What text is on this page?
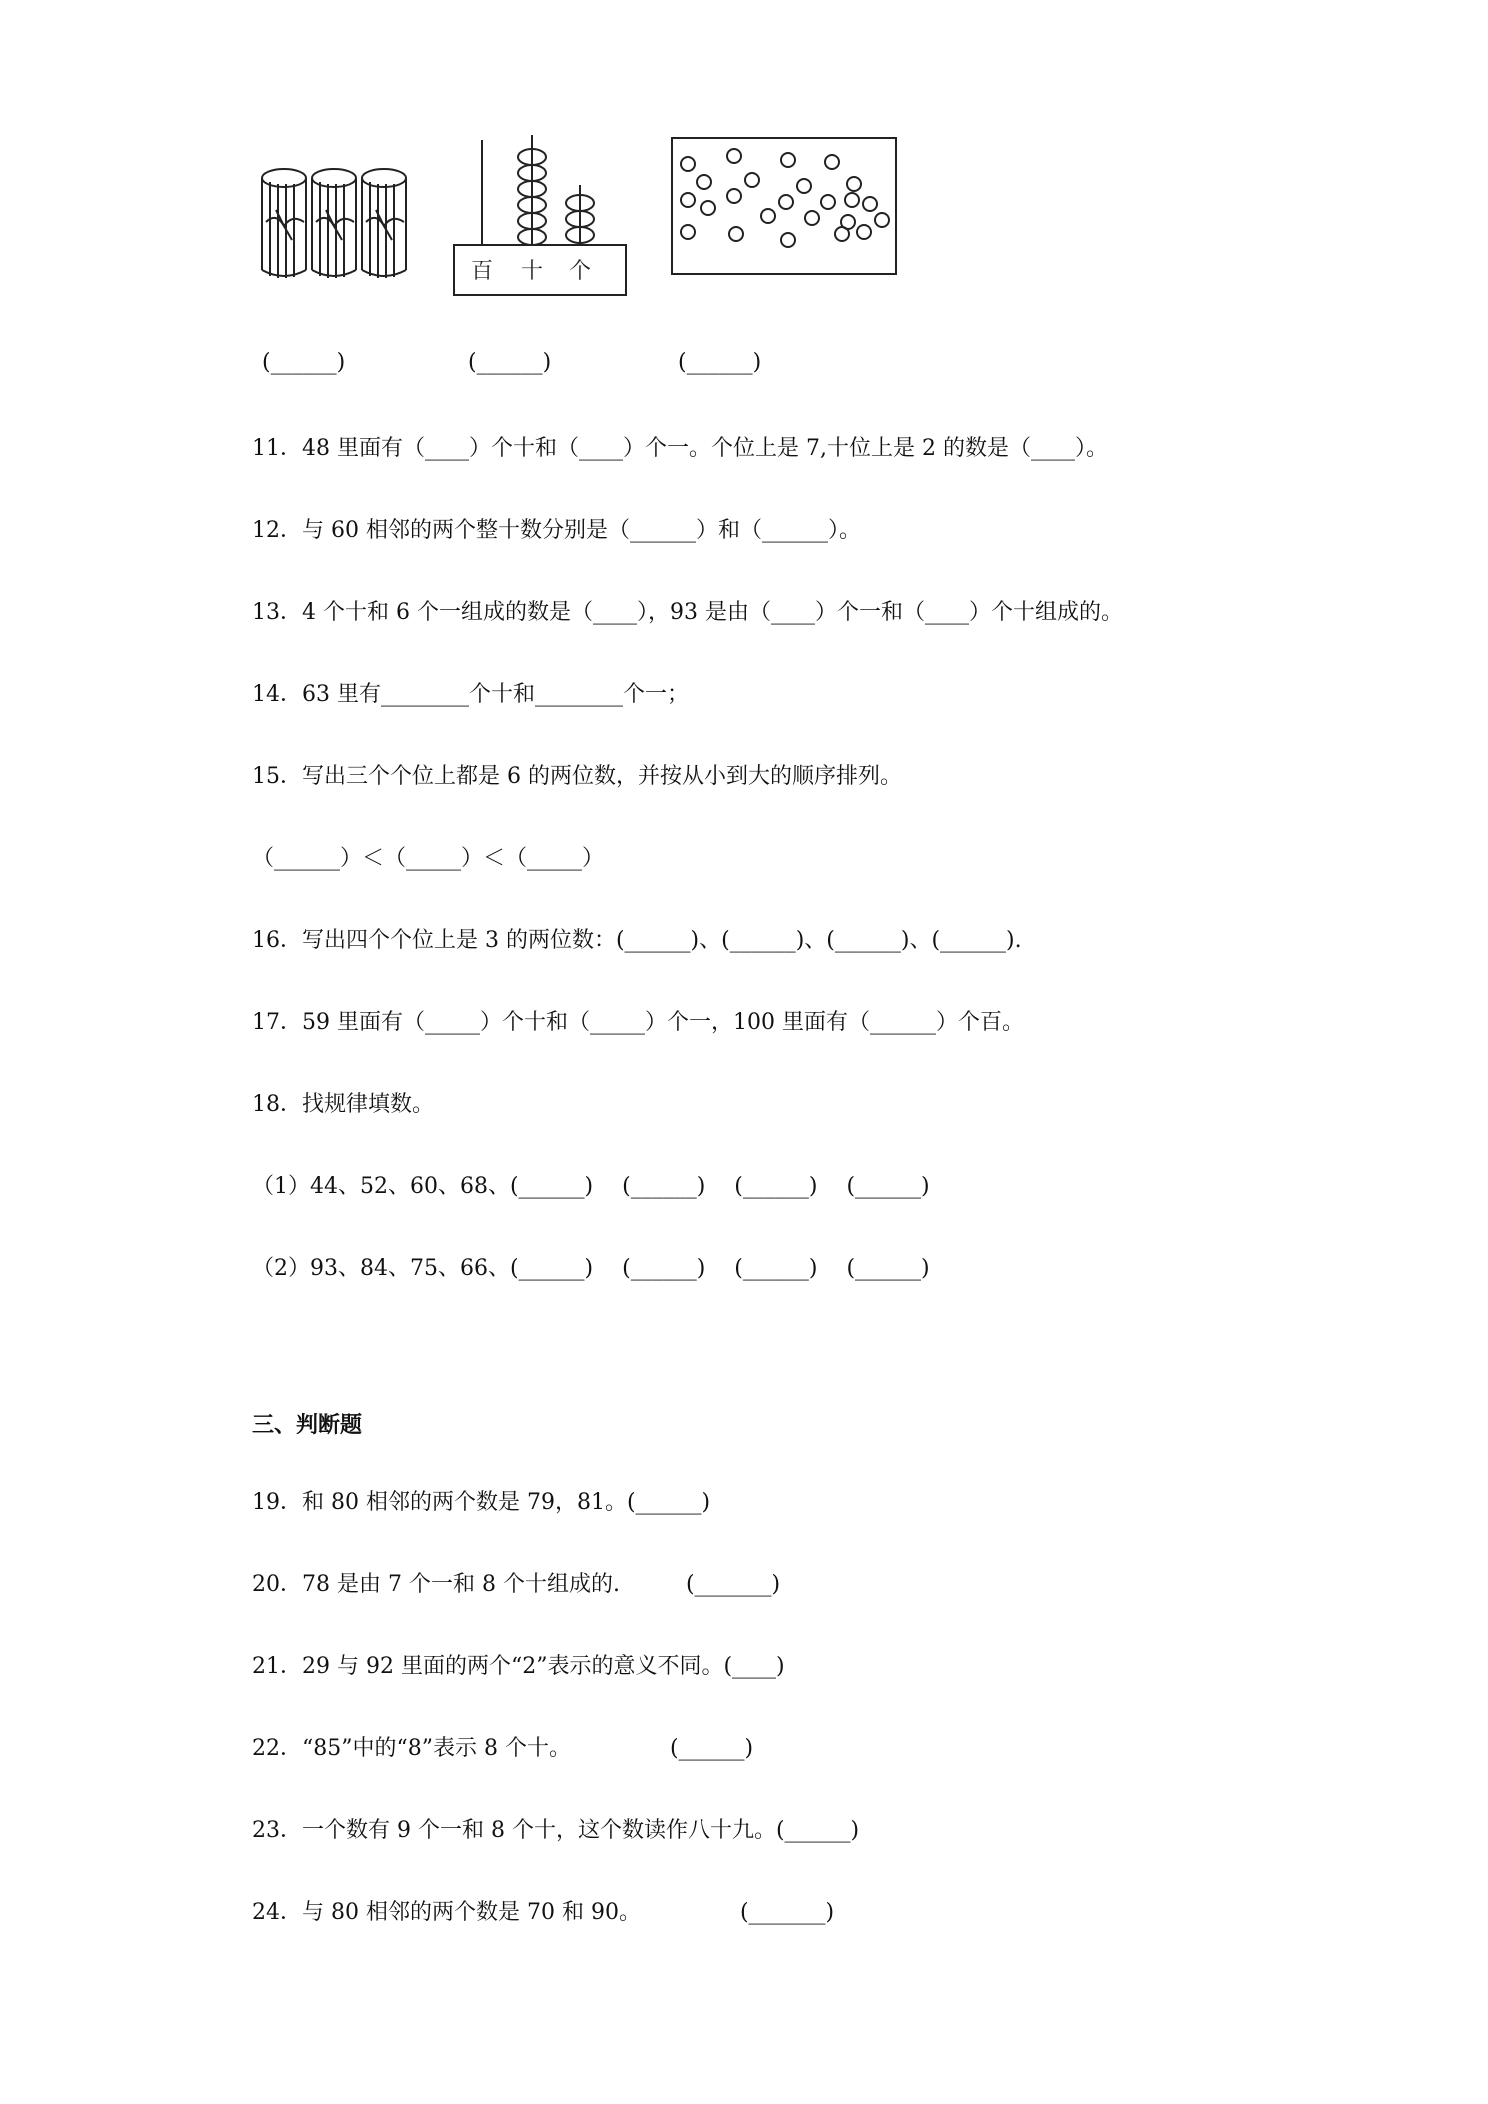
百 十 个
(______)	(______)	(______)
11．48 里面有（____）个十和（____）个一。个位上是 7,十位上是 2 的数是（____）。
12．与 60 相邻的两个整十数分别是（______）和（______）。
13．4 个十和 6 个一组成的数是（____），93 是由（____）个一和（____）个十组成的。
14．63 里有________个十和________个一；
15．写出三个个位上都是 6 的两位数，并按从小到大的顺序排列。
（______）＜（_____）＜（_____）
16．写出四个个位上是 3 的两位数：(______)、(______)、(______)、(______).
17．59 里面有（_____）个十和（_____）个一，100 里面有（______）个百。
18．找规律填数。
（1）44、52、60、68、(______)　 (______)　 (______)　 (______)
（2）93、84、75、66、(______)　 (______)　 (______)　 (______)
三、判断题
19．和 80 相邻的两个数是 79，81。(______)
20．78 是由 7 个一和 8 个十组成的.　　　(_______)
21．29 与 92 里面的两个“2”表示的意义不同。(____)
22．“85”中的“8”表示 8 个十。　　　　　(______)
23．一个数有 9 个一和 8 个十，这个数读作八十九。(______)
24．与 80 相邻的两个数是 70 和 90。　　　　　(_______)
